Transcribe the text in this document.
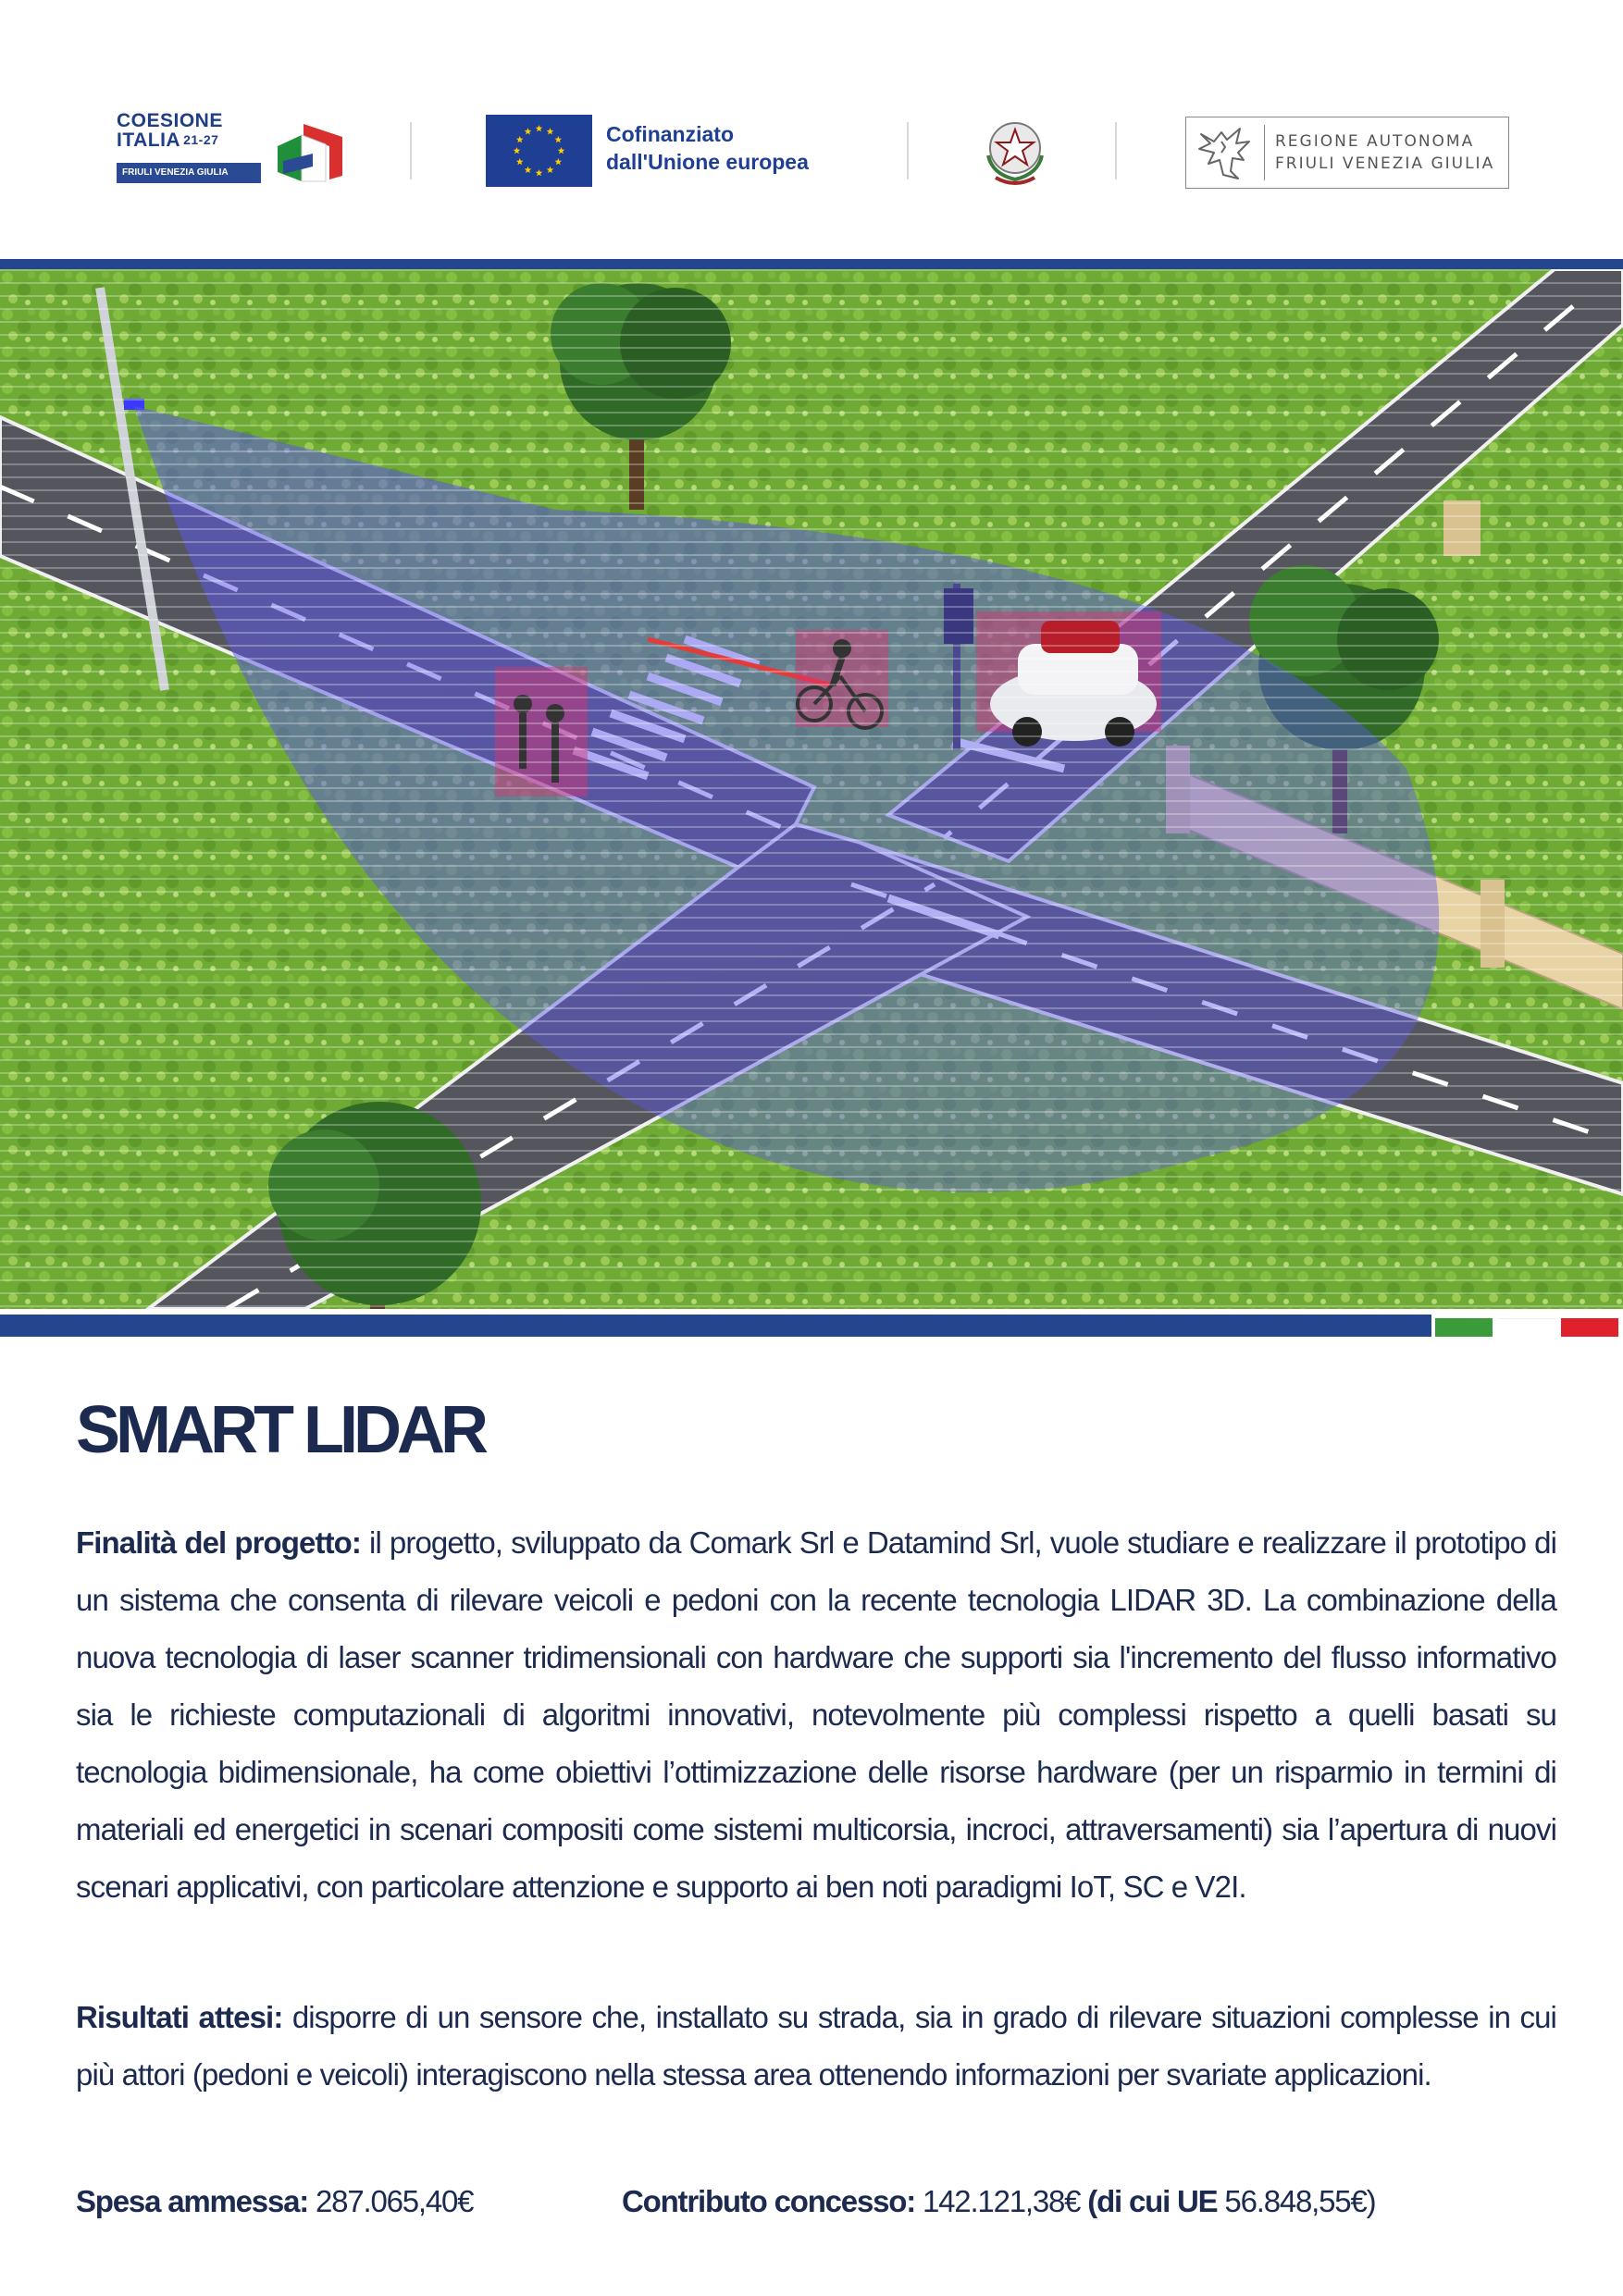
COESIONE
ITALIA $^{21-27}$
FRIULI VENEZIA GIULIA
Cofinanziato
dall'Unione europea
REGIONE AUTONOMA
FRIULI VENEZIA GIULIA
SMART LIDAR

Finalità del progetto: il progetto, sviluppato da Comark Srl e Datamind Srl, vuole studiare e realizzare il prototipo di un sistema che consenta di rilevare veicoli e pedoni con la recente tecnologia LIDAR 3D. La combinazione della nuova tecnologia di laser scanner tridimensionali con hardware che supporti sia l'incremento del flusso informativo sia le richieste computazionali di algoritmi innovativi, notevolmente più complessi rispetto a quelli basati su tecnologia bidimensionale, ha come obiettivi l’ottimizzazione delle risorse hardware (per un risparmio in termini di materiali ed energetici in scenari compositi come sistemi multicorsia, incroci, attraversamenti) sia l’apertura di nuovi scenari applicativi, con particolare attenzione e supporto ai ben noti paradigmi IoT, SC e V2I.

Risultati attesi: disporre di un sensore che, installato su strada, sia in grado di rilevare situazioni complesse in cui più attori (pedoni e veicoli) interagiscono nella stessa area ottenendo informazioni per svariate applicazioni.

Spesa ammessa: 287.065,40€	Contributo concesso: 142.121,38€ (di cui UE 56.848,55€)
